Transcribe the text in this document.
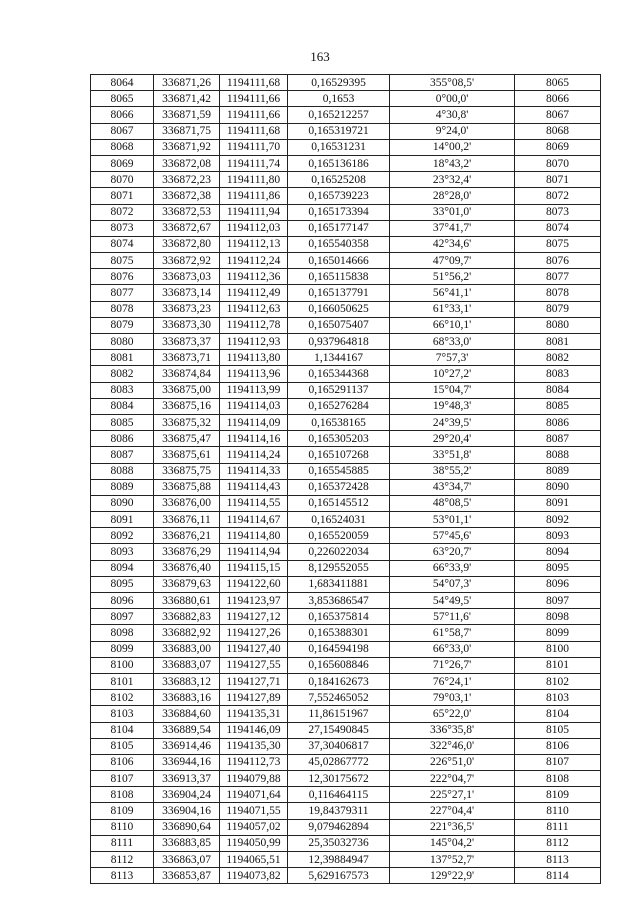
163
8064	336871,26	1194111,68	0,16529395	355°08,5'	8065
8065	336871,42	1194111,66	0,1653	0°00,0'	8066
8066	336871,59	1194111,66	0,165212257	4°30,8'	8067
8067	336871,75	1194111,68	0,165319721	9°24,0'	8068
8068	336871,92	1194111,70	0,16531231	14°00,2'	8069
8069	336872,08	1194111,74	0,165136186	18°43,2'	8070
8070	336872,23	1194111,80	0,16525208	23°32,4'	8071
8071	336872,38	1194111,86	0,165739223	28°28,0'	8072
8072	336872,53	1194111,94	0,165173394	33°01,0'	8073
8073	336872,67	1194112,03	0,165177147	37°41,7'	8074
8074	336872,80	1194112,13	0,165540358	42°34,6'	8075
8075	336872,92	1194112,24	0,165014666	47°09,7'	8076
8076	336873,03	1194112,36	0,165115838	51°56,2'	8077
8077	336873,14	1194112,49	0,165137791	56°41,1'	8078
8078	336873,23	1194112,63	0,166050625	61°33,1'	8079
8079	336873,30	1194112,78	0,165075407	66°10,1'	8080
8080	336873,37	1194112,93	0,937964818	68°33,0'	8081
8081	336873,71	1194113,80	1,1344167	7°57,3'	8082
8082	336874,84	1194113,96	0,165344368	10°27,2'	8083
8083	336875,00	1194113,99	0,165291137	15°04,7'	8084
8084	336875,16	1194114,03	0,165276284	19°48,3'	8085
8085	336875,32	1194114,09	0,16538165	24°39,5'	8086
8086	336875,47	1194114,16	0,165305203	29°20,4'	8087
8087	336875,61	1194114,24	0,165107268	33°51,8'	8088
8088	336875,75	1194114,33	0,165545885	38°55,2'	8089
8089	336875,88	1194114,43	0,165372428	43°34,7'	8090
8090	336876,00	1194114,55	0,165145512	48°08,5'	8091
8091	336876,11	1194114,67	0,16524031	53°01,1'	8092
8092	336876,21	1194114,80	0,165520059	57°45,6'	8093
8093	336876,29	1194114,94	0,226022034	63°20,7'	8094
8094	336876,40	1194115,15	8,129552055	66°33,9'	8095
8095	336879,63	1194122,60	1,683411881	54°07,3'	8096
8096	336880,61	1194123,97	3,853686547	54°49,5'	8097
8097	336882,83	1194127,12	0,165375814	57°11,6'	8098
8098	336882,92	1194127,26	0,165388301	61°58,7'	8099
8099	336883,00	1194127,40	0,164594198	66°33,0'	8100
8100	336883,07	1194127,55	0,165608846	71°26,7'	8101
8101	336883,12	1194127,71	0,184162673	76°24,1'	8102
8102	336883,16	1194127,89	7,552465052	79°03,1'	8103
8103	336884,60	1194135,31	11,86151967	65°22,0'	8104
8104	336889,54	1194146,09	27,15490845	336°35,8'	8105
8105	336914,46	1194135,30	37,30406817	322°46,0'	8106
8106	336944,16	1194112,73	45,02867772	226°51,0'	8107
8107	336913,37	1194079,88	12,30175672	222°04,7'	8108
8108	336904,24	1194071,64	0,116464115	225°27,1'	8109
8109	336904,16	1194071,55	19,84379311	227°04,4'	8110
8110	336890,64	1194057,02	9,079462894	221°36,5'	8111
8111	336883,85	1194050,99	25,35032736	145°04,2'	8112
8112	336863,07	1194065,51	12,39884947	137°52,7'	8113
8113	336853,87	1194073,82	5,629167573	129°22,9'	8114
